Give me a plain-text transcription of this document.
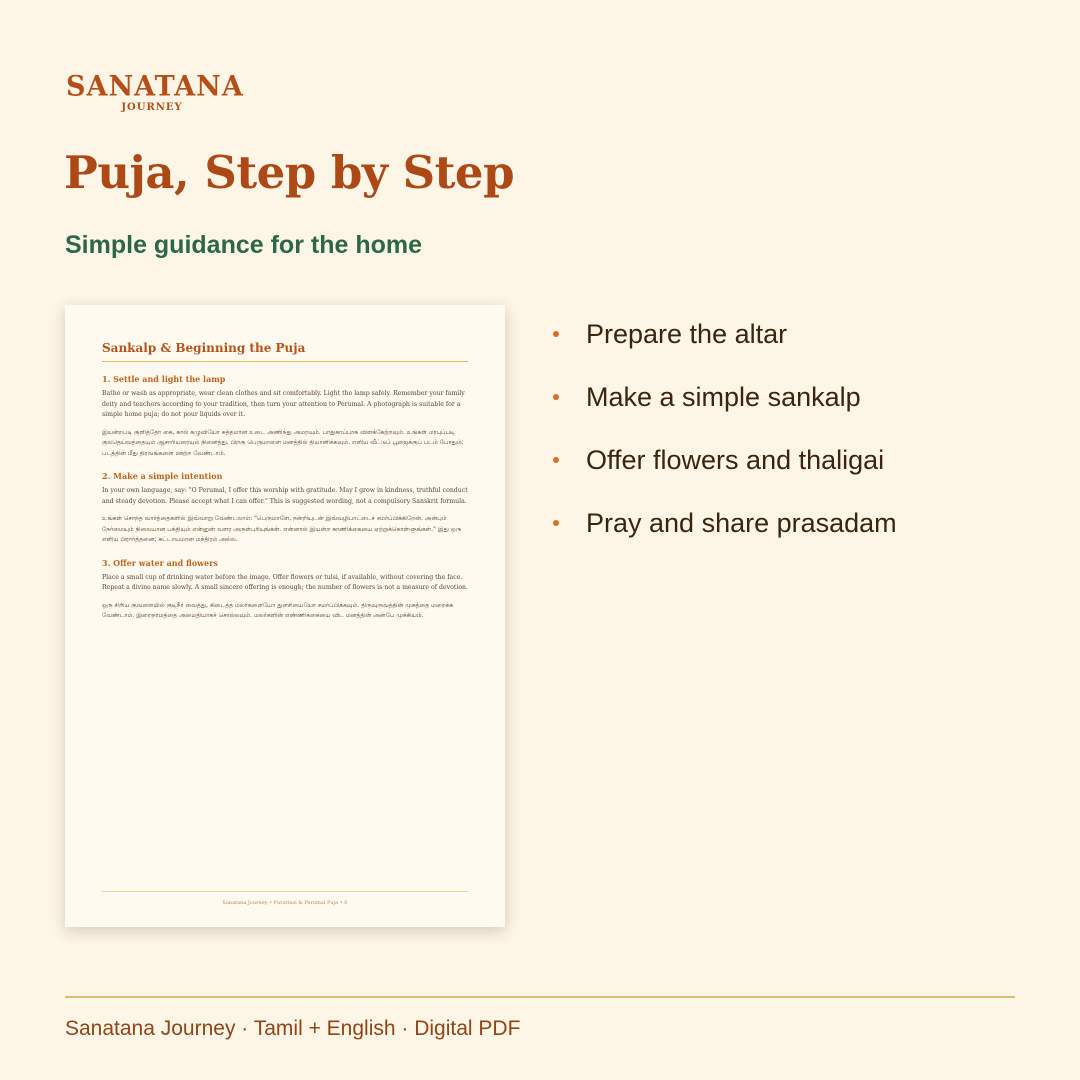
SANATANA
JOURNEY
Puja, Step by Step
Simple guidance for the home
Sankalp & Beginning the Puja
1. Settle and light the lamp

Bathe or wash as appropriate, wear clean clothes and sit comfortably. Light the lamp safely. Remember your family deity and teachers according to your tradition, then turn your attention to Perumal. A photograph is suitable for a simple home puja; do not pour liquids over it.

இயன்றபடி குளித்தோ கை, கால் கழுவியோ சுத்தமான உடை அணிந்து அமரவும். பாதுகாப்பாக விளக்கேற்றவும். உங்கள் மரபுப்படி குலதெய்வத்தையும் ஆசாரியரையும் நினைத்து, பிறகு பெருமாளை மனத்தில் தியானிக்கவும். எளிய வீட்டுப் பூஜைக்குப் படம் போதும்; படத்தின் மீது திரவங்களை ஊற்ற வேண்டாம்.

2. Make a simple intention

In your own language, say: "O Perumal, I offer this worship with gratitude. May I grow in kindness, truthful conduct and steady devotion. Please accept what I can offer." This is suggested wording, not a compulsory Sanskrit formula.

உங்கள் சொந்த வார்த்தைகளில் இவ்வாறு வேண்டலாம்: "பெருமாளே, நன்றியுடன் இவ்வழிபாட்டைச் சமர்ப்பிக்கிறேன். அன்பும் நேர்மையும் நிலையான பக்தியும் என்னுள் வளர அருள்புரியுங்கள். என்னால் இயன்ற காணிக்கையை ஏற்றுக்கொள்ளுங்கள்." இது ஒரு எளிய பிரார்த்தனை; கட்டாயமான மந்திரம் அல்ல.

3. Offer water and flowers

Place a small cup of drinking water before the image. Offer flowers or tulsi, if available, without covering the face. Repeat a divine name slowly. A small sincere offering is enough; the number of flowers is not a measure of devotion.

ஒரு சிறிய குவளையில் குடிநீர் வைத்து, கிடைத்த மலர்களையோ துளசியையோ சமர்ப்பிக்கவும். திருவுருவத்தின் முகத்தை மறைக்க வேண்டாம். இறைநாமத்தை அமைதியாகச் சொல்லவும். மலர்களின் எண்ணிக்கையை விட மனத்தின் அன்பே முக்கியம்.

Sanatana Journey • Purattasi & Perumal Puja • 6
Prepare the altar
Make a simple sankalp
Offer flowers and thaligai
Pray and share prasadam

Sanatana Journey · Tamil + English · Digital PDF
